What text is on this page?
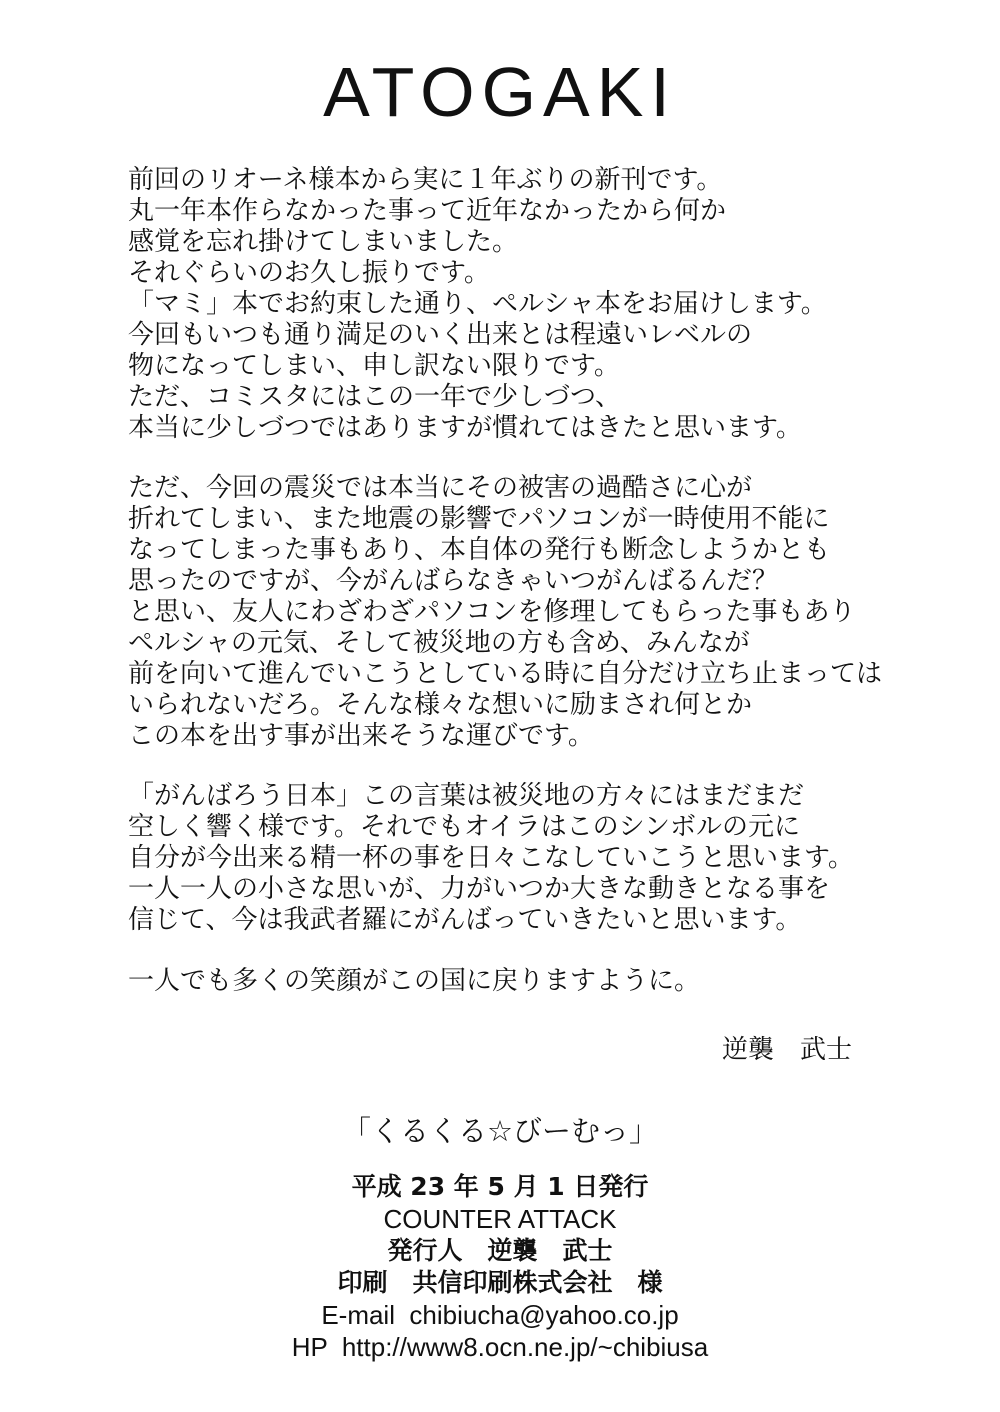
ATOGAKI
前回のリオーネ様本から実に１年ぶりの新刊です。
丸一年本作らなかった事って近年なかったから何か
感覚を忘れ掛けてしまいました。
それぐらいのお久し振りです。
「マミ」本でお約束した通り、ペルシャ本をお届けします。
今回もいつも通り満足のいく出来とは程遠いレベルの
物になってしまい、申し訳ない限りです。
ただ、コミスタにはこの一年で少しづつ、
本当に少しづつではありますが慣れてはきたと思います。
ただ、今回の震災では本当にその被害の過酷さに心が
折れてしまい、また地震の影響でパソコンが一時使用不能に
なってしまった事もあり、本自体の発行も断念しようかとも
思ったのですが、今がんばらなきゃいつがんばるんだ？
と思い、友人にわざわざパソコンを修理してもらった事もあり
ペルシャの元気、そして被災地の方も含め、みんなが
前を向いて進んでいこうとしている時に自分だけ立ち止まっては
いられないだろ。そんな様々な想いに励まされ何とか
この本を出す事が出来そうな運びです。
「がんばろう日本」この言葉は被災地の方々にはまだまだ
空しく響く様です。それでもオイラはこのシンボルの元に
自分が今出来る精一杯の事を日々こなしていこうと思います。
一人一人の小さな思いが、力がいつか大きな動きとなる事を
信じて、今は我武者羅にがんばっていきたいと思います。
一人でも多くの笑顔がこの国に戻りますように。
逆襲　武士
「くるくる☆びーむっ」
平成 23 年 5 月 1 日発行
COUNTER ATTACK
発行人　逆襲　武士
印刷　共信印刷株式会社　様
E-mail  chibiucha@yahoo.co.jp
HP  http://www8.ocn.ne.jp/~chibiusa
